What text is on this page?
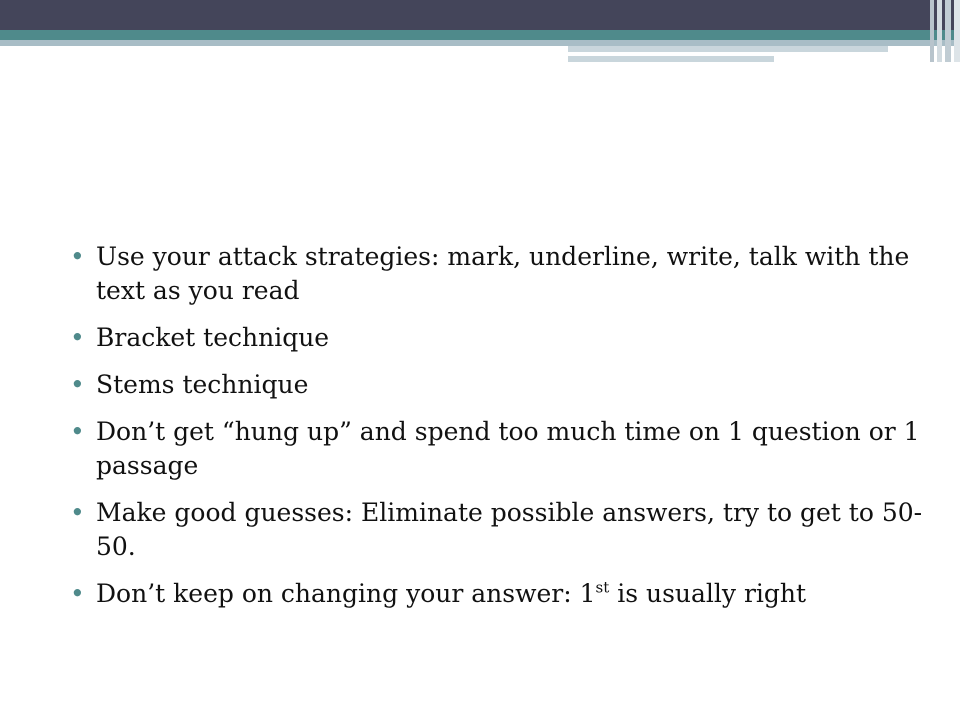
• Use your attack strategies: mark, underline, write, talk with the text as you read
• Bracket technique
• Stems technique
• Don’t get “hung up” and spend too much time on 1 question or 1 passage
• Make good guesses: Eliminate possible answers, try to get to 50-50.
• Don’t keep on changing your answer: 1st is usually right
